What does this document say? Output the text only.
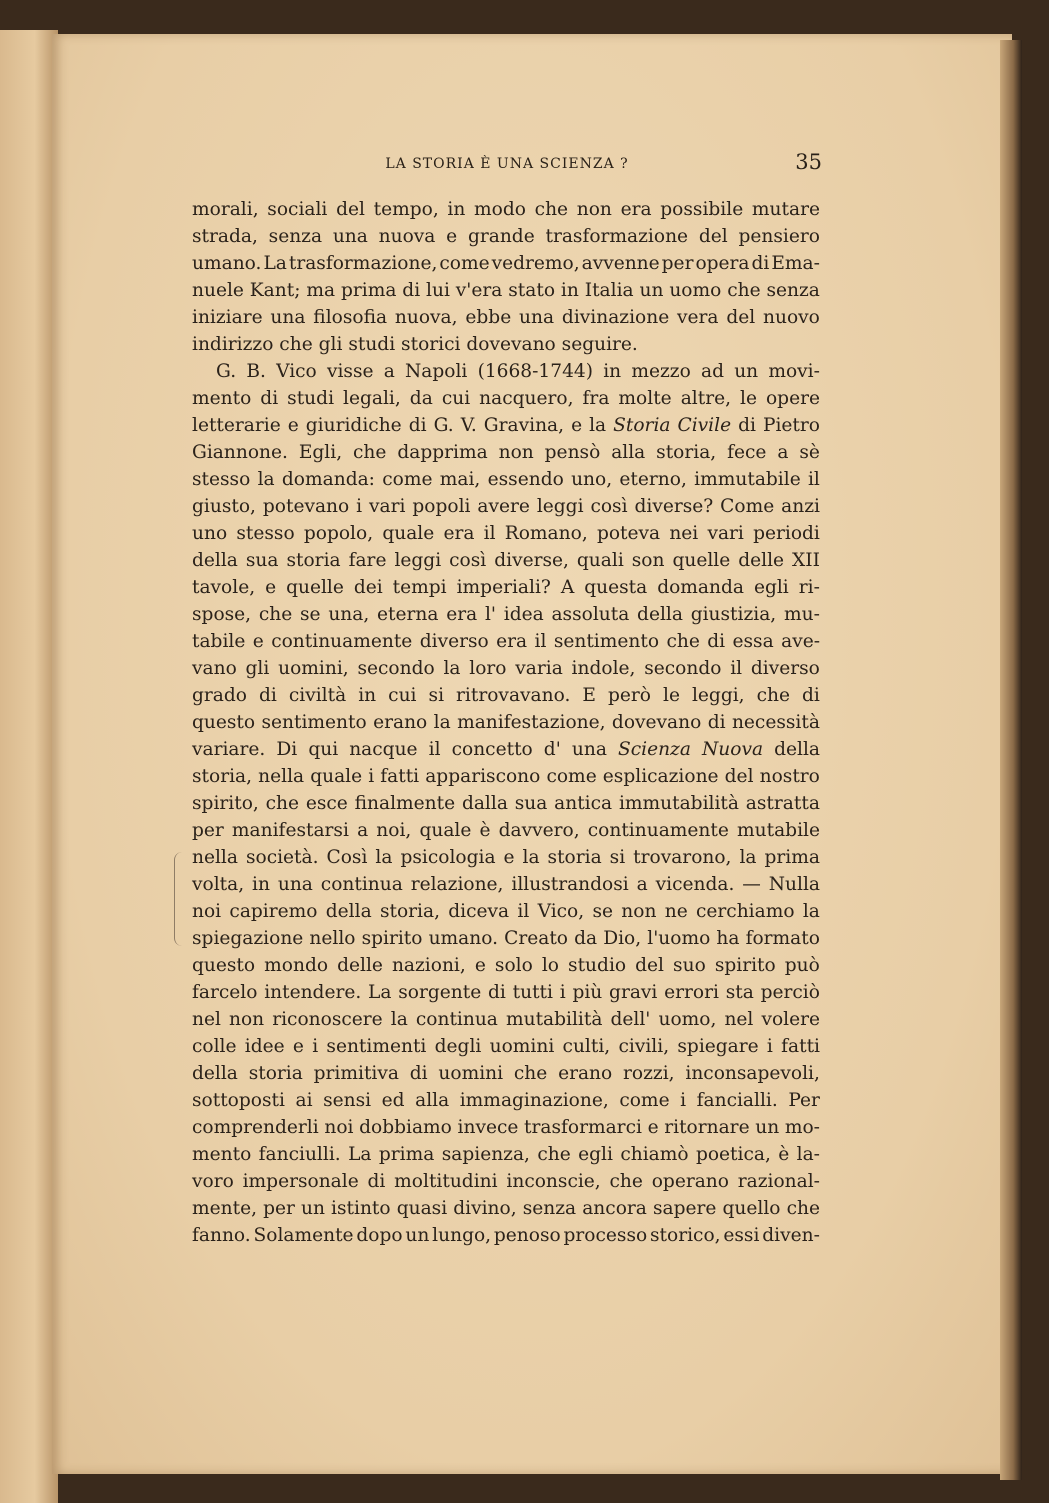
LA STORIA È UNA SCIENZA ?	35
morali, sociali del tempo, in modo che non era possibile mutare
strada, senza una nuova e grande trasformazione del pensiero
umano. La trasformazione, come vedremo, avvenne per opera di Ema-
nuele Kant; ma prima di lui v'era stato in Italia un uomo che senza
iniziare una filosofia nuova, ebbe una divinazione vera del nuovo
indirizzo che gli studi storici dovevano seguire.
G. B. Vico visse a Napoli (1668-1744) in mezzo ad un movi-
mento di studi legali, da cui nacquero, fra molte altre, le opere
letterarie e giuridiche di G. V. Gravina, e la Storia Civile di Pietro
Giannone. Egli, che dapprima non pensò alla storia, fece a sè
stesso la domanda: come mai, essendo uno, eterno, immutabile il
giusto, potevano i vari popoli avere leggi così diverse? Come anzi
uno stesso popolo, quale era il Romano, poteva nei vari periodi
della sua storia fare leggi così diverse, quali son quelle delle XII
tavole, e quelle dei tempi imperiali? A questa domanda egli ri-
spose, che se una, eterna era l' idea assoluta della giustizia, mu-
tabile e continuamente diverso era il sentimento che di essa ave-
vano gli uomini, secondo la loro varia indole, secondo il diverso
grado di civiltà in cui si ritrovavano. E però le leggi, che di
questo sentimento erano la manifestazione, dovevano di necessità
variare. Di qui nacque il concetto d' una Scienza Nuova della
storia, nella quale i fatti appariscono come esplicazione del nostro
spirito, che esce finalmente dalla sua antica immutabilità astratta
per manifestarsi a noi, quale è davvero, continuamente mutabile
nella società. Così la psicologia e la storia si trovarono, la prima
volta, in una continua relazione, illustrandosi a vicenda. — Nulla
noi capiremo della storia, diceva il Vico, se non ne cerchiamo la
spiegazione nello spirito umano. Creato da Dio, l'uomo ha formato
questo mondo delle nazioni, e solo lo studio del suo spirito può
farcelo intendere. La sorgente di tutti i più gravi errori sta perciò
nel non riconoscere la continua mutabilità dell' uomo, nel volere
colle idee e i sentimenti degli uomini culti, civili, spiegare i fatti
della storia primitiva di uomini che erano rozzi, inconsapevoli,
sottoposti ai sensi ed alla immaginazione, come i fancialli. Per
comprenderli noi dobbiamo invece trasformarci e ritornare un mo-
mento fanciulli. La prima sapienza, che egli chiamò poetica, è la-
voro impersonale di moltitudini inconscie, che operano razional-
mente, per un istinto quasi divino, senza ancora sapere quello che
fanno. Solamente dopo un lungo, penoso processo storico, essi diven-
